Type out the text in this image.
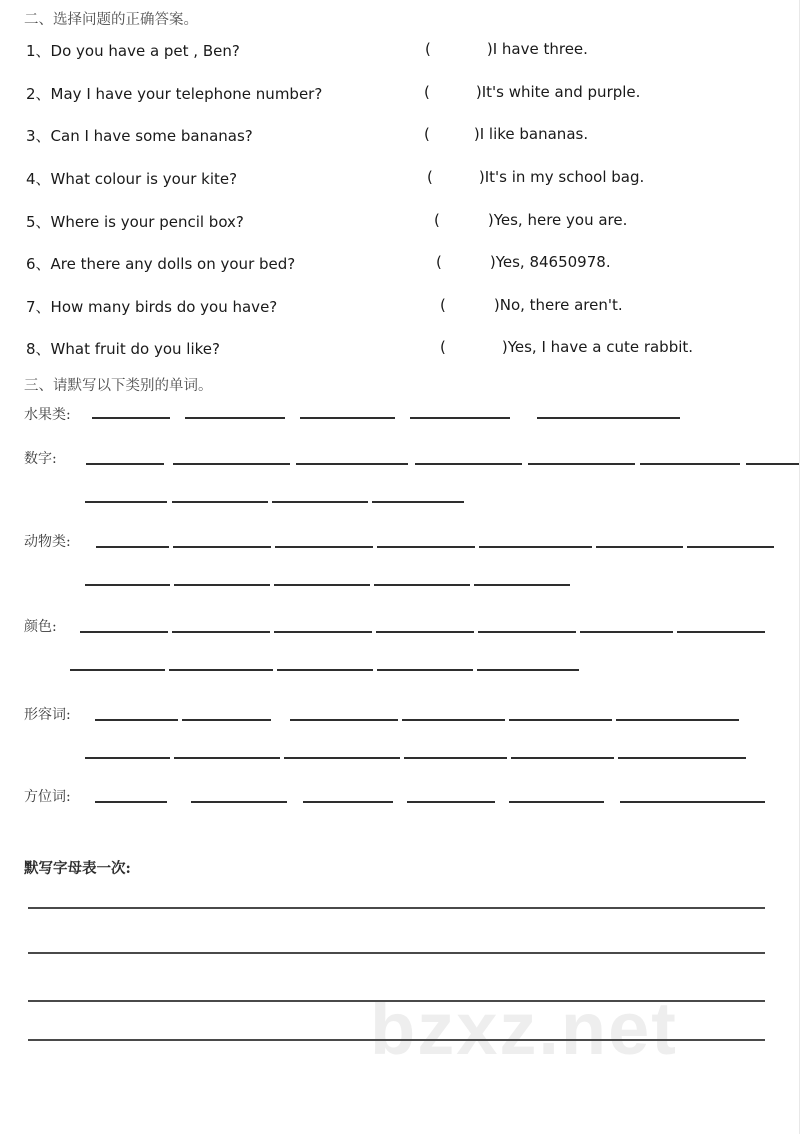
bzxz.net
二、选择问题的正确答案。
1、Do you have a pet , Ben?	(	)I have three.
2、May I have your telephone number?	(	)It's white and purple.
3、Can I have some bananas?	(	)I like bananas.
4、What colour is your kite?	(	)It's in my school bag.
5、Where is your pencil box?	(	)Yes, here you are.
6、Are there any dolls on your bed?	(	)Yes, 84650978.
7、How many birds do you have?	(	)No, there aren't.
8、What fruit do you like?	(	)Yes, I have a cute rabbit.
三、请默写以下类别的单词。
水果类:
数字:
动物类:
颜色:
形容词:
方位词:
默写字母表一次:
